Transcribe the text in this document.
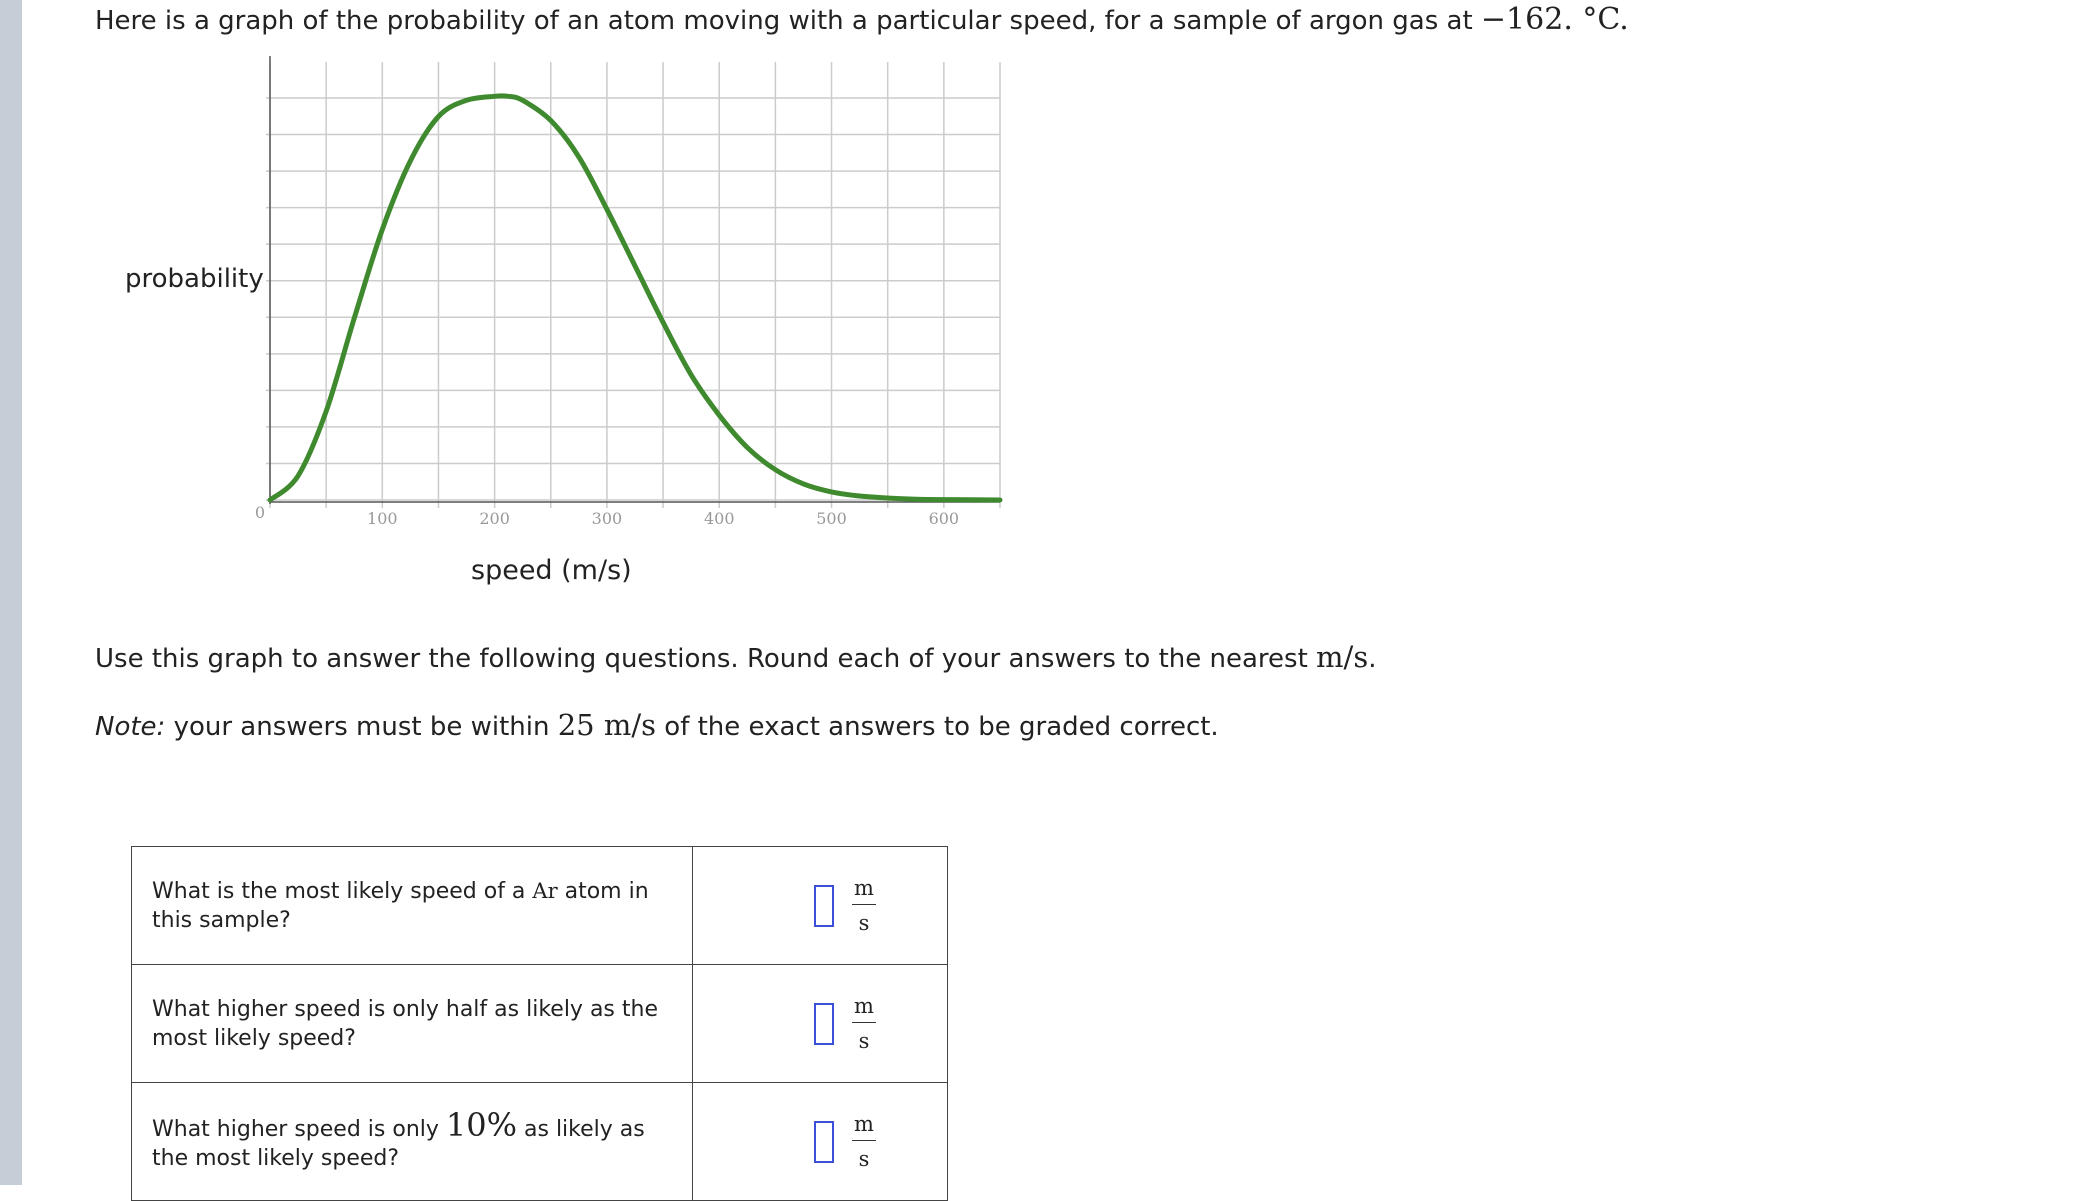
Here is a graph of the probability of an atom moving with a particular speed, for a sample of argon gas at −162. °C.
0	100	200	300	400	500	600
probability
speed (m/s)
Use this graph to answer the following questions. Round each of your answers to the nearest m/s.
Note: your answers must be within 25 m/s of the exact answers to be graded correct.
What is the most likely speed of a Ar atom in this sample?	$\frac{m}{s}$

What higher speed is only half as likely as the most likely speed?	$\frac{m}{s}$

What higher speed is only 10% as likely as the most likely speed?	$\frac{m}{s}$
